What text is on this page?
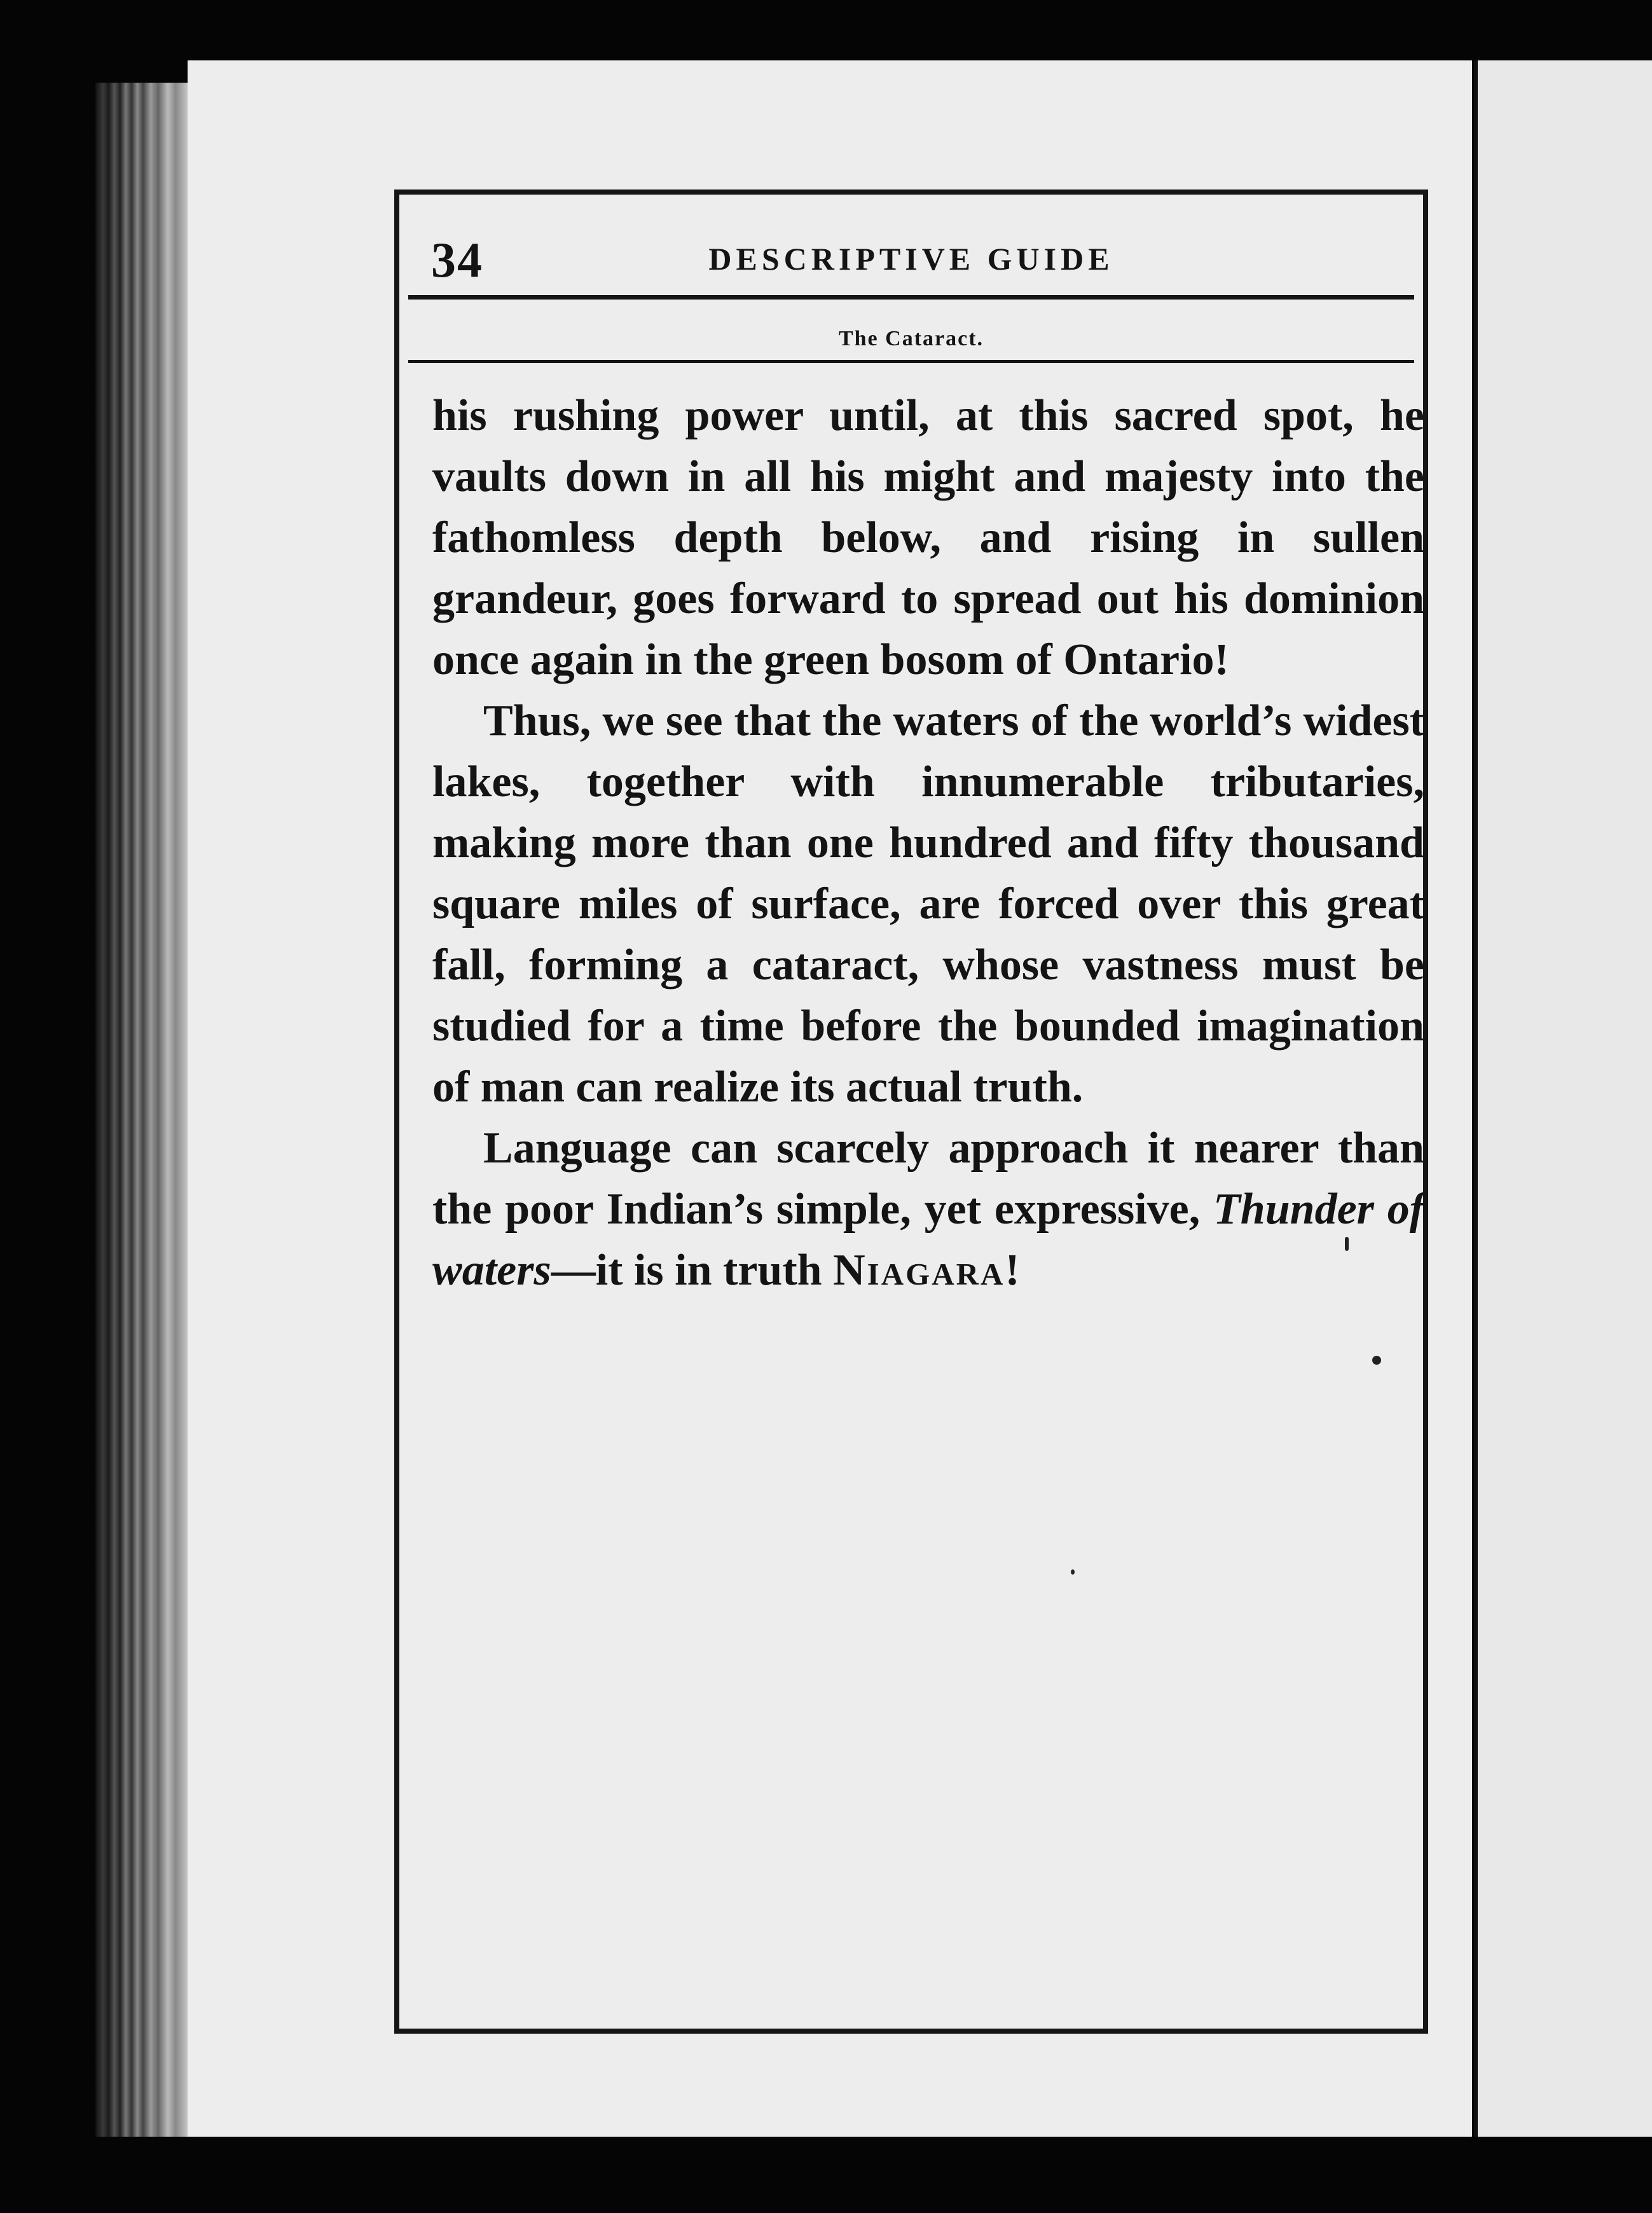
34	DESCRIPTIVE GUIDE
The Cataract.

his rushing power until, at this sacred spot, he vaults down in all his might and majesty into the fathomless depth below, and rising in sullen grandeur, goes forward to spread out his dominion once again in the green bosom of Ontario!

Thus, we see that the waters of the world’s widest lakes, together with innumerable tributaries, making more than one hundred and fifty thousand square miles of surface, are forced over this great fall, forming a cataract, whose vastness must be studied for a time before the bounded imagination of man can realize its actual truth.

Language can scarcely approach it nearer than the poor Indian’s simple, yet expressive, Thunder of waters—it is in truth Niagara!
